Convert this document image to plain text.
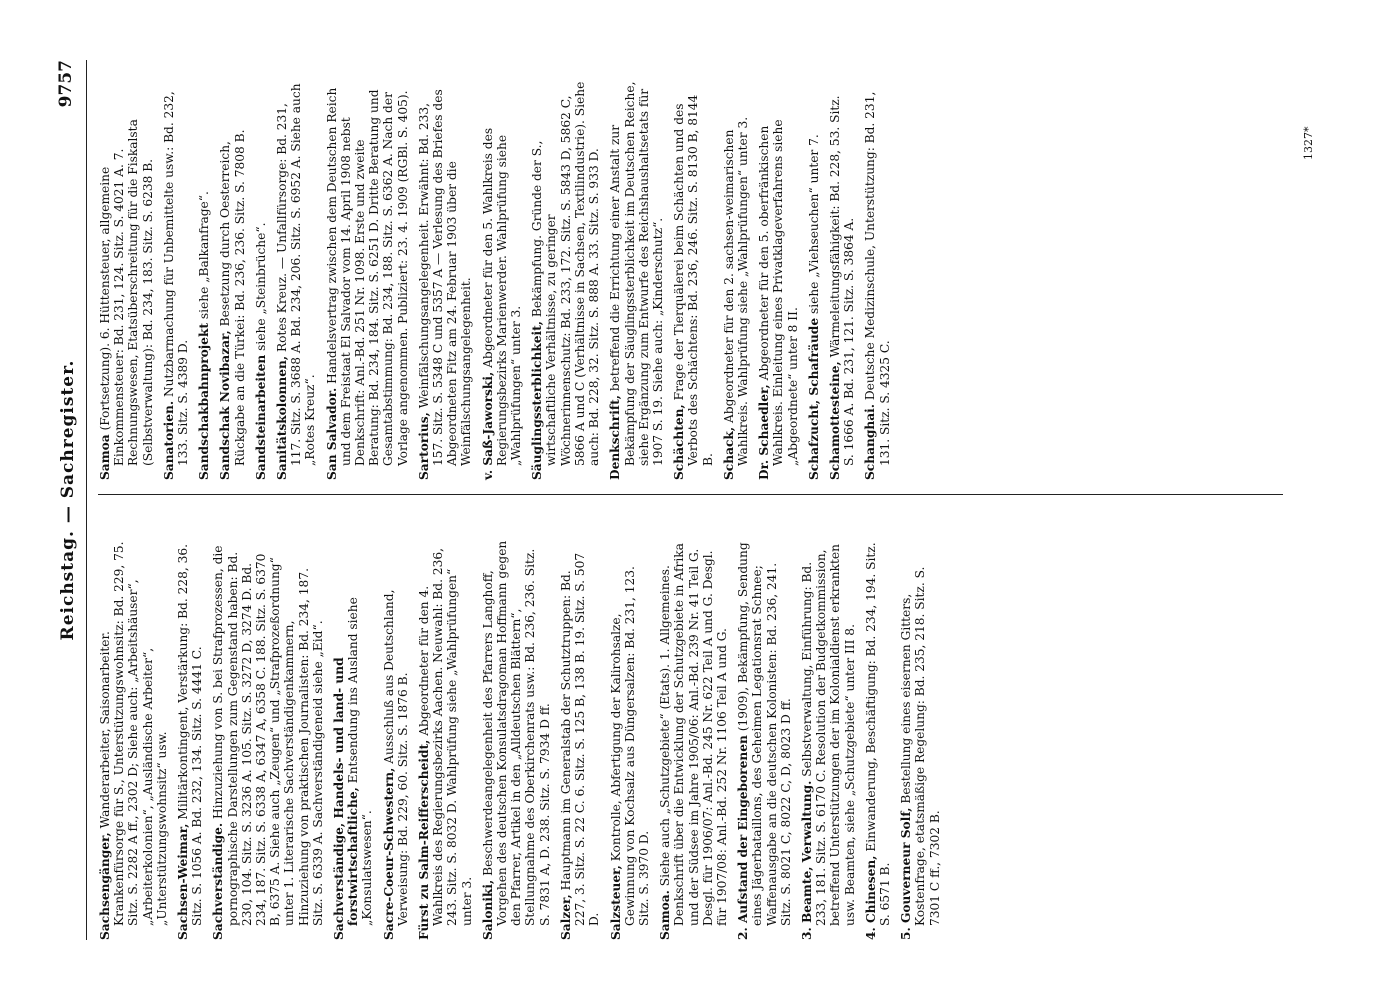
Reichstag. — Sachregister.
9757

Sachsengänger, Wanderarbeiter, Saisonarbeiter. Krankenfürsorge für S., Unterstützungswohnsitz: Bd. 229, 75. Sitz. S. 2282 A ff., 2302 D; Siehe auch: „Arbeitshäuser“, „Arbeiterkolonien“, „Ausländische Arbeiter“, „Unterstützungswohnsitz“ usw. Sachsen-Weimar, Militärkontingent, Verstärkung: Bd. 228, 36. Sitz. S. 1056 A. Bd. 232, 134. Sitz. S. 4441 C. Sachverständige. Hinzuziehung von S. bei Strafprozessen, die pornographische Darstellungen zum Gegenstand haben: Bd. 230, 104. Sitz. S. 3236 A. 105. Sitz. S. 3272 D, 3274 D. Bd. 234, 187. Sitz. S. 6338 A, 6347 A, 6358 C. 188. Sitz. S. 6370 B, 6375 A. Siehe auch „Zeugen“ und „Strafprozeßordnung“ unter 1. Literarische Sachverständigenkammern, Hinzuziehung von praktischen Journalisten: Bd. 234, 187. Sitz. S. 6339 A. Sachverständigeneid siehe „Eid“. Sachverständige, Handels- und land- und forstwirtschaftliche, Entsendung ins Ausland siehe „Konsulatswesen“. Sacre-Coeur-Schwestern, Ausschluß aus Deutschland, Verweisung: Bd. 229, 60. Sitz. S. 1876 B. Fürst zu Salm-Reifferscheidt, Abgeordneter für den 4. Wahlkreis des Regierungsbezirks Aachen. Neuwahl: Bd. 236, 243. Sitz. S. 8032 D. Wahlprüfung siehe „Wahlprüfungen“ unter 3. Saloniki, Beschwerdeangelegenheit des Pfarrers Langhoff, Vorgehen des deutschen Konsulatsdragoman Hoffmann gegen den Pfarrer, Artikel in den „Alldeutschen Blättern“, Stellungnahme des Oberkirchenrats usw.: Bd. 236, 236. Sitz. S. 7831 A, D. 238. Sitz. S. 7934 D ff. Salzer, Hauptmann im Generalstab der Schutztruppen: Bd. 227, 3. Sitz. S. 22 C. 6. Sitz. S. 125 B, 138 B. 19. Sitz. S. 507 D. Salzsteuer, Kontrolle, Abfertigung der Kalirohsalze, Gewinnung von Kochsalz aus Düngersalzen: Bd. 231, 123. Sitz. S. 3970 D. Samoa. Siehe auch „Schutzgebiete“ (Etats). 1. Allgemeines. Denkschrift über die Entwicklung der Schutzgebiete in Afrika und der Südsee im Jahre 1905/06: Anl.-Bd. 239 Nr. 41 Teil G. Desgl. für 1906/07: Anl.-Bd. 245 Nr. 622 Teil A und G. Desgl. für 1907/08: Anl.-Bd. 252 Nr. 1106 Teil A und G. 2. Aufstand der Eingeborenen (1909), Bekämpfung, Sendung eines Jägerbataillons, des Geheimen Legationsrat Schnee; Waffenausgabe an die deutschen Kolonisten: Bd. 236, 241. Sitz. S. 8021 C, 8022 C, D, 8023 D ff. 3. Beamte, Verwaltung. Selbstverwaltung, Einführung: Bd. 233, 181. Sitz. S. 6170 C. Resolution der Budgetkommission, betreffend Unterstützungen der im Kolonialdienst erkrankten usw. Beamten, siehe „Schutzgebiete“ unter III 8. 4. Chinesen, Einwanderung, Beschäftigung: Bd. 234, 194. Sitz. S. 6571 B. 5. Gouverneur Solf, Bestellung eines eisernen Gitters, Kostenfrage, etatsmäßige Regelung: Bd. 235, 218. Sitz. S. 7301 C ff., 7302 B.

Samoa (Fortsetzung). 6. Hüttensteuer, allgemeine Einkommensteuer: Bd. 231, 124. Sitz. S. 4021 A. 7. Rechnungswesen, Etatsüberschreitung für die Fiskalsta (Selbstverwaltung): Bd. 234, 183. Sitz. S. 6238 B. Sanatorien. Nutzbarmachung für Unbemittelte usw.: Bd. 232, 133. Sitz. S. 4389 D. Sandschakbahnprojekt siehe „Balkanfrage“.

Sandschak Novibazar, Besetzung durch Oesterreich, Rückgabe an die Türkei: Bd. 236, 236. Sitz. S. 7808 B. Sandsteinarbeiten siehe „Steinbrüche“.

Sanitätskolonnen, Rotes Kreuz. — Unfallfürsorge: Bd. 231, 117. Sitz. S. 3688 A. Bd. 234, 206. Sitz. S. 6952 A. Siehe auch „Rotes Kreuz“. San Salvador. Handelsvertrag zwischen dem Deutschen Reich und dem Freistaat El Salvador vom 14. April 1908 nebst Denkschrift: Anl.-Bd. 251 Nr. 1098. Erste und zweite Beratung: Bd. 234, 184. Sitz. S. 6251 D. Dritte Beratung und Gesamtabstimmung: Bd. 234, 188. Sitz. S. 6362 A. Nach der Vorlage angenommen. Publiziert: 23. 4. 1909 (RGBl. S. 405). Sartorius, Weinfälschungsangelegenheit. Erwähnt: Bd. 233, 157. Sitz. S. 5348 C und 5357 A — Verlesung des Briefes des Abgeordneten Fitz am 24. Februar 1903 über die Weinfälschungsangelegenheit. v. Saß-Jaworski, Abgeordneter für den 5. Wahlkreis des Regierungsbezirks Marienwerder. Wahlprüfung siehe „Wahlprüfungen“ unter 3. Säuglingssterblichkeit, Bekämpfung. Gründe der S., wirtschaftliche Verhältnisse, zu geringer Wöchnerinnenschutz: Bd. 233, 172. Sitz. S. 5843 D, 5862 C, 5866 A und C (Verhältnisse in Sachsen, Textilindustrie). Siehe auch: Bd. 228, 32. Sitz. S. 888 A. 33. Sitz. S. 933 D. Denkschrift, betreffend die Errichtung einer Anstalt zur Bekämpfung der Säuglingssterblichkeit im Deutschen Reiche, siehe Ergänzung zum Entwurfe des Reichshaushaltsetats für 1907 S. 19. Siehe auch: „Kinderschutz“. Schächten, Frage der Tierquälerei beim Schächten und des Verbots des Schächtens: Bd. 236, 246. Sitz. S. 8130 B, 8144 B. Schack, Abgeordneter für den 2. sachsen-weimarischen Wahlkreis. Wahlprüfung siehe „Wahlprüfungen“ unter 3. Dr. Schaedler, Abgeordneter für den 5. oberfränkischen Wahlkreis. Einleitung eines Privatklageverfahrens siehe „Abgeordnete“ unter 8 II. Schafzucht, Schafräude siehe „Viehseuchen“ unter 7.

Schamottesteine, Wärmeleitungsfähigkeit: Bd. 228, 53. Sitz. S. 1666 A. Bd. 231, 121. Sitz. S. 3864 A. Schanghai. Deutsche Medizinschule, Unterstützung: Bd. 231, 131. Sitz. S. 4325 C.

1327*
